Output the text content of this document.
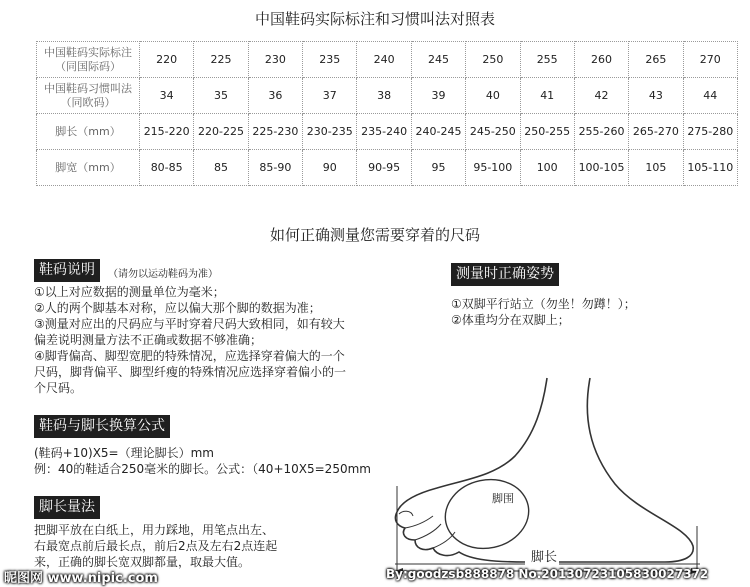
中国鞋码实际标注和习惯叫法对照表
中国鞋码实际标注
（同国际码）	220	225	230	235	240	245	250	255	260	265	270

中国鞋码习惯叫法
（同欧码）	34	35	36	37	38	39	40	41	42	43	44

脚长（mm）	215-220	220-225	225-230	230-235	235-240	240-245	245-250	250-255	255-260	265-270	275-280

脚宽（mm）	80-85	85	85-90	90	90-95	95	95-100	100	100-105	105	105-110
如何正确测量您需要穿着的尺码
鞋码说明	（请勿以运动鞋码为准）

①以上对应数据的测量单位为毫米；

②人的两个脚基本对称，应以偏大那个脚的数据为准；

③测量对应出的尺码应与平时穿着尺码大致相同，如有较大

偏差说明测量方法不正确或数据不够准确；

④脚背偏高、脚型宽肥的特殊情况，应选择穿着偏大的一个

尺码，脚背偏平、脚型纤瘦的特殊情况应选择穿着偏小的一

个尺码。

测量时正确姿势

①双脚平行站立（勿坐！勿蹲！）；

②体重均分在双脚上；

鞋码与脚长换算公式

(鞋码+10)X5=（理论脚长）mm

例：40的鞋适合250毫米的脚长。公式：（40+10X5=250mm

脚长量法

把脚平放在白纸上，用力踩地，用笔点出左、

右最宽点前后最长点，前后2点及左右2点连起

来，正确的脚长宽双脚都量，取最大值。

脚围
脚长
昵图网 www.nipic.com	By:goodzsb888878 No.20130723105830027372
